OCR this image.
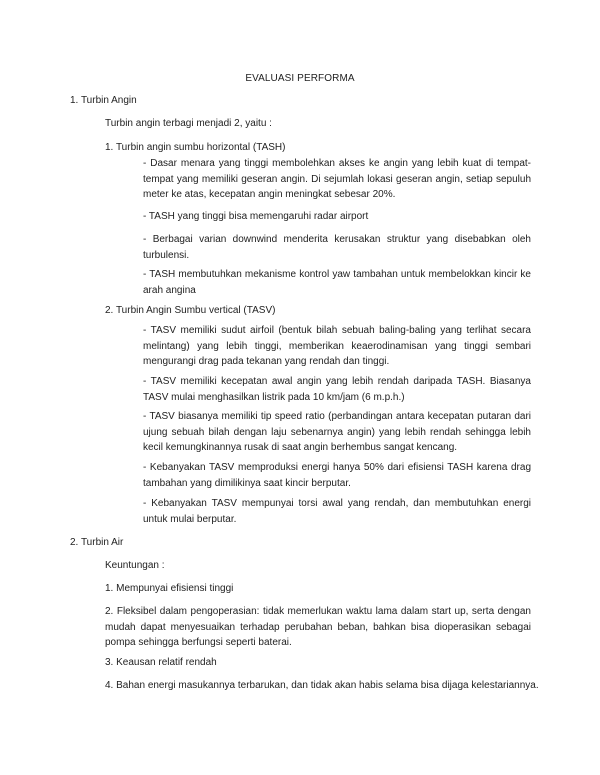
EVALUASI PERFORMA
1. Turbin Angin
Turbin angin terbagi menjadi 2, yaitu :
1. Turbin angin sumbu horizontal (TASH)
- Dasar menara yang tinggi membolehkan akses ke angin yang lebih kuat di tempat-tempat yang memiliki geseran angin. Di sejumlah lokasi geseran angin, setiap sepuluh meter ke atas, kecepatan angin meningkat sebesar 20%.
- TASH yang tinggi bisa memengaruhi radar airport
- Berbagai varian downwind menderita kerusakan struktur yang disebabkan oleh turbulensi.
- TASH membutuhkan mekanisme kontrol yaw tambahan untuk membelokkan kincir ke arah angina
2. Turbin Angin Sumbu vertical (TASV)
- TASV memiliki sudut airfoil (bentuk bilah sebuah baling-baling yang terlihat secara melintang) yang lebih tinggi, memberikan keaerodinamisan yang tinggi sembari mengurangi drag pada tekanan yang rendah dan tinggi.
- TASV memiliki kecepatan awal angin yang lebih rendah daripada TASH. Biasanya TASV mulai menghasilkan listrik pada 10 km/jam (6 m.p.h.)
- TASV biasanya memiliki tip speed ratio (perbandingan antara kecepatan putaran dari ujung sebuah bilah dengan laju sebenarnya angin) yang lebih rendah sehingga lebih kecil kemungkinannya rusak di saat angin berhembus sangat kencang.
- Kebanyakan TASV memproduksi energi hanya 50% dari efisiensi TASH karena drag tambahan yang dimilikinya saat kincir berputar.
- Kebanyakan TASV mempunyai torsi awal yang rendah, dan membutuhkan energi untuk mulai berputar.
2. Turbin Air
Keuntungan :
1. Mempunyai efisiensi tinggi
2. Fleksibel dalam pengoperasian: tidak memerlukan waktu lama dalam start up, serta dengan mudah dapat menyesuaikan terhadap perubahan beban, bahkan bisa dioperasikan sebagai pompa sehingga berfungsi seperti baterai.
3. Keausan relatif rendah
4. Bahan energi masukannya terbarukan, dan tidak akan habis selama bisa dijaga kelestariannya.
